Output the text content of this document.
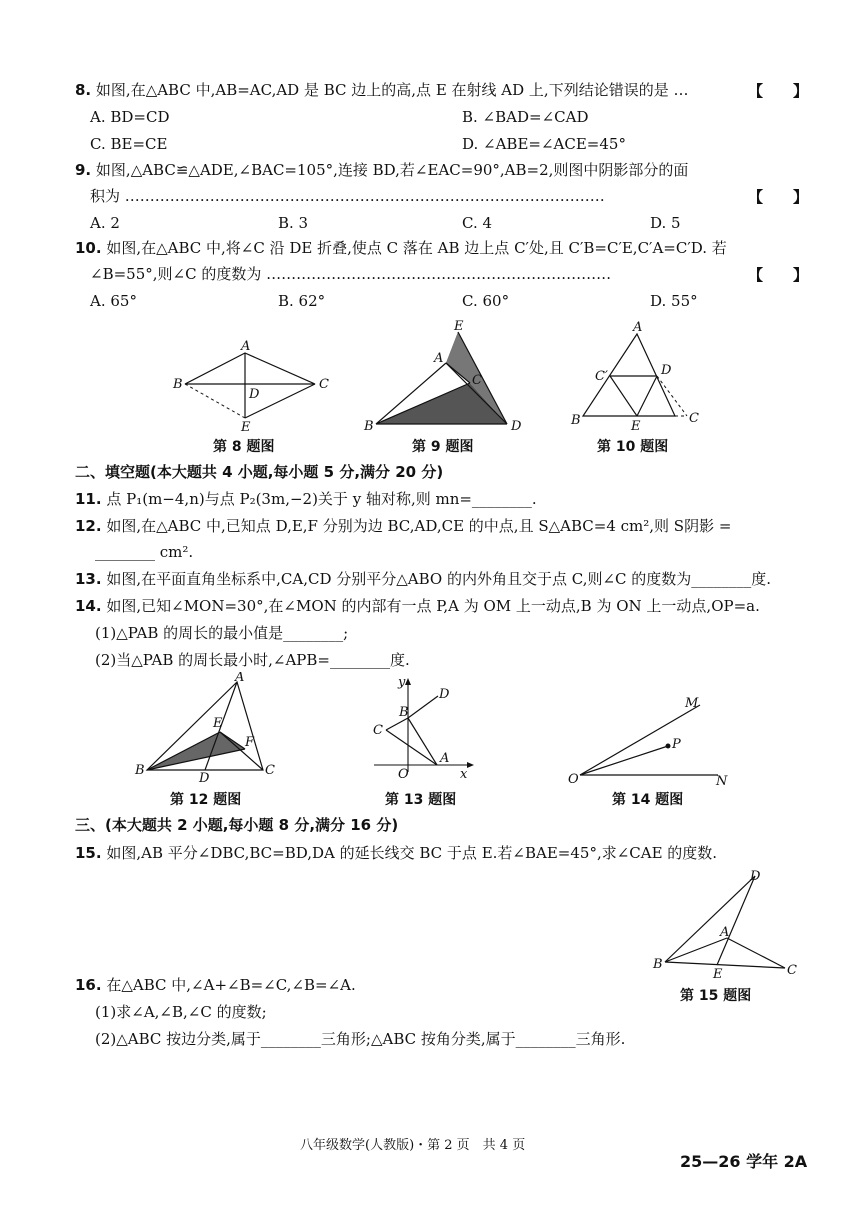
8. 如图,在△ABC 中,AB=AC,AD 是 BC 边上的高,点 E 在射线 AD 上,下列结论错误的是 …	【　　】
A. BD=CD	B. ∠BAD=∠CAD
C. BE=CE	D. ∠ABE=∠ACE=45°
9. 如图,△ABC≌△ADE,∠BAC=105°,连接 BD,若∠EAC=90°,AB=2,则图中阴影部分的面
积为 ……………………………………………………………………………………	【　　】
A. 2	B. 3	C. 4	D. 5
10. 如图,在△ABC 中,将∠C 沿 DE 折叠,使点 C 落在 AB 边上点 C′处,且 C′B=C′E,C′A=C′D. 若
∠B=55°,则∠C 的度数为 ……………………………………………………………	【　　】
A. 65°	B. 62°	C. 60°	D. 55°
A
B	C
D
E
第 8 题图
E
A
C
B	D
第 9 题图
A
C′	D
B	E
C
第 10 题图
二、填空题(本大题共 4 小题,每小题 5 分,满分 20 分)
11. 点 P₁(m−4,n)与点 P₂(3m,−2)关于 y 轴对称,则 mn=________.
12. 如图,在△ABC 中,已知点 D,E,F 分别为边 BC,AD,CE 的中点,且 S△ABC=4 cm²,则 S阴影 =
________ cm².
13. 如图,在平面直角坐标系中,CA,CD 分别平分△ABO 的内外角且交于点 C,则∠C 的度数为________度.
14. 如图,已知∠MON=30°,在∠MON 的内部有一点 P,A 为 OM 上一动点,B 为 ON 上一动点,OP=a.
(1)△PAB 的周长的最小值是________;
(2)当△PAB 的周长最小时,∠APB=________度.
A
E
F
B
D
C
第 12 题图
y
D
B
C
A
O	x
第 13 题图
M
P
O	N
第 14 题图
三、(本大题共 2 小题,每小题 8 分,满分 16 分)
15. 如图,AB 平分∠DBC,BC=BD,DA 的延长线交 BC 于点 E.若∠BAE=45°,求∠CAE 的度数.
D
A
B
E	C
第 15 题图
16. 在△ABC 中,∠A+∠B=∠C,∠B=∠A.
(1)求∠A,∠B,∠C 的度数;
(2)△ABC 按边分类,属于________三角形;△ABC 按角分类,属于________三角形.
八年级数学(人教版)・第 2 页　共 4 页
25—26 学年 2A
